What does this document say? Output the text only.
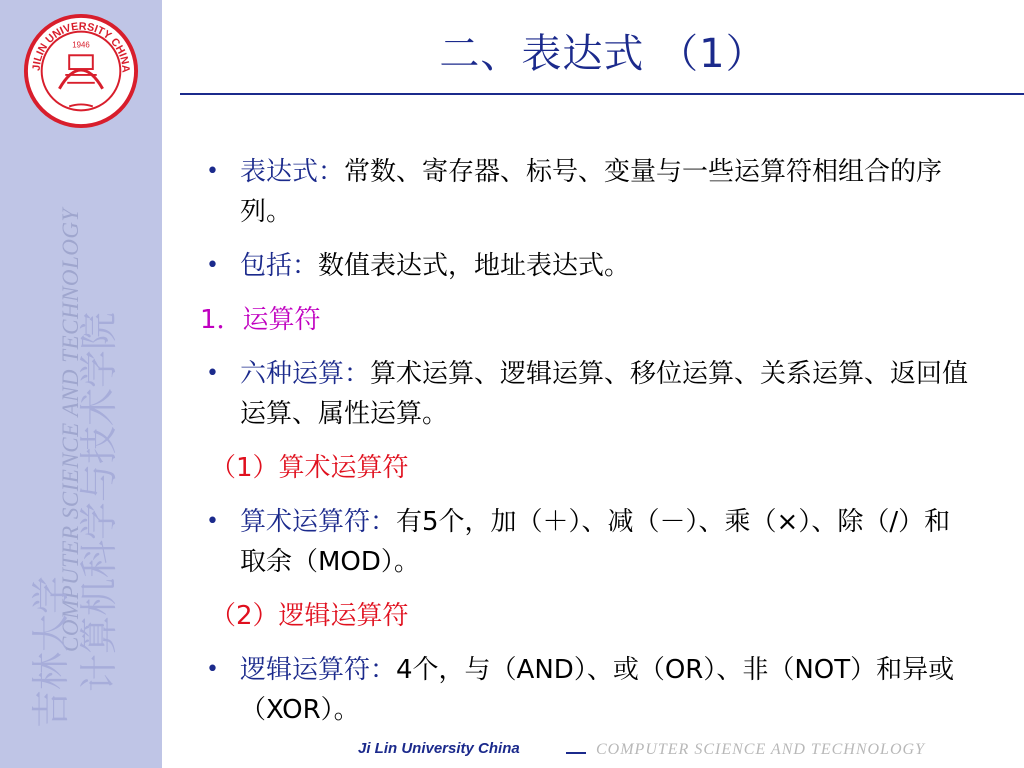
JILIN UNIVERSITY CHINA
1946
COMPUTER SCIENCE AND TECHNOLOGY
吉林大学 计算机科学与技术学院
二、表达式 （1）
• 表达式：常数、寄存器、标号、变量与一些运算符相组合的序列。
• 包括：数值表达式，地址表达式。
1．运算符
• 六种运算：算术运算、逻辑运算、移位运算、关系运算、返回值运算、属性运算。
（1）算术运算符
• 算术运算符：有5个，加（＋）、减（－）、乘（×）、除（/）和取余（MOD）。
（2）逻辑运算符
• 逻辑运算符：4个，与（AND）、或（OR）、非（NOT）和异或（XOR）。
Ji Lin University China	COMPUTER SCIENCE AND TECHNOLOGY
